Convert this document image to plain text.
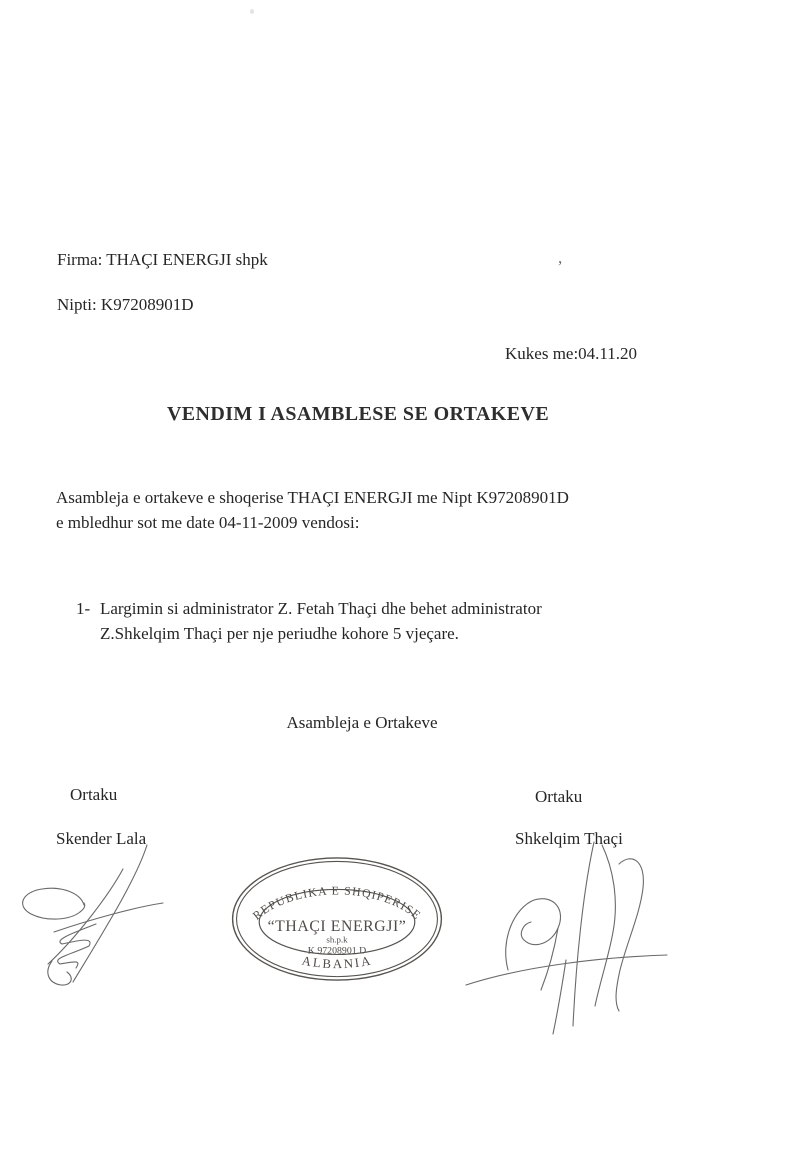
,
Firma: THAÇI ENERGJI shpk
Nipti: K97208901D
Kukes me:04.11.20
VENDIM I ASAMBLESE SE ORTAKEVE
Asambleja e ortakeve e shoqerise THAÇI ENERGJI me Nipt K97208901D
e mbledhur sot me date 04-11-2009 vendosi:
1- Largimin si administrator Z. Fetah Thaçi dhe behet administrator
Z.Shkelqim Thaçi per nje periudhe kohore 5 vjeçare.
Asambleja e Ortakeve
Ortaku	Ortaku
Skender Lala	Shkelqim Thaçi
REPUBLIKA E SHQIPERISE
“THAÇI ENERGJI”
sh.p.k
K 97208901 D
ALBANIA
